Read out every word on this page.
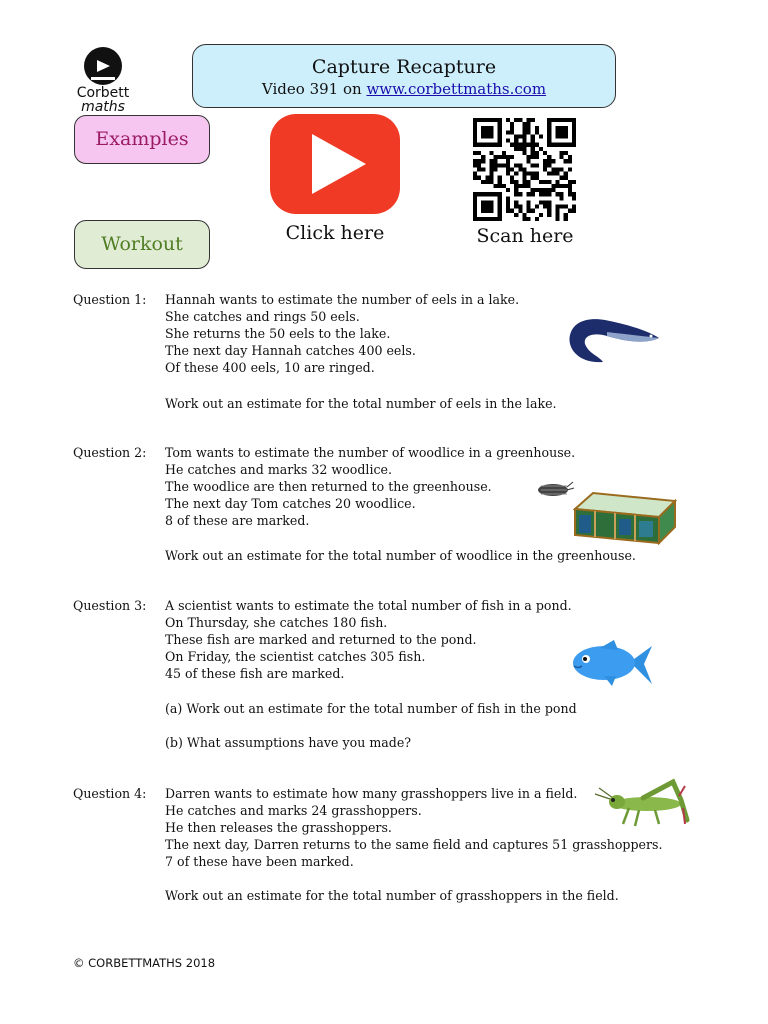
Corbett
maths
Capture Recapture
Video 391 on www.corbettmaths.com
Examples
Workout	Click here	Scan here
Question 1: Hannah wants to estimate the number of eels in a lake.
She catches and rings 50 eels.
She returns the 50 eels to the lake.
The next day Hannah catches 400 eels.
Of these 400 eels, 10 are ringed.
Work out an estimate for the total number of eels in the lake.
Question 2: Tom wants to estimate the number of woodlice in a greenhouse.
He catches and marks 32 woodlice.
The woodlice are then returned to the greenhouse.
The next day Tom catches 20 woodlice.
8 of these are marked.
Work out an estimate for the total number of woodlice in the greenhouse.
Question 3: A scientist wants to estimate the total number of fish in a pond.
On Thursday, she catches 180 fish.
These fish are marked and returned to the pond.
On Friday, the scientist catches 305 fish.
45 of these fish are marked.
(a) Work out an estimate for the total number of fish in the pond
(b) What assumptions have you made?
Question 4: Darren wants to estimate how many grasshoppers live in a field.
He catches and marks 24 grasshoppers.
He then releases the grasshoppers.
The next day, Darren returns to the same field and captures 51 grasshoppers.
7 of these have been marked.
Work out an estimate for the total number of grasshoppers in the field.
© CORBETTMATHS 2018
